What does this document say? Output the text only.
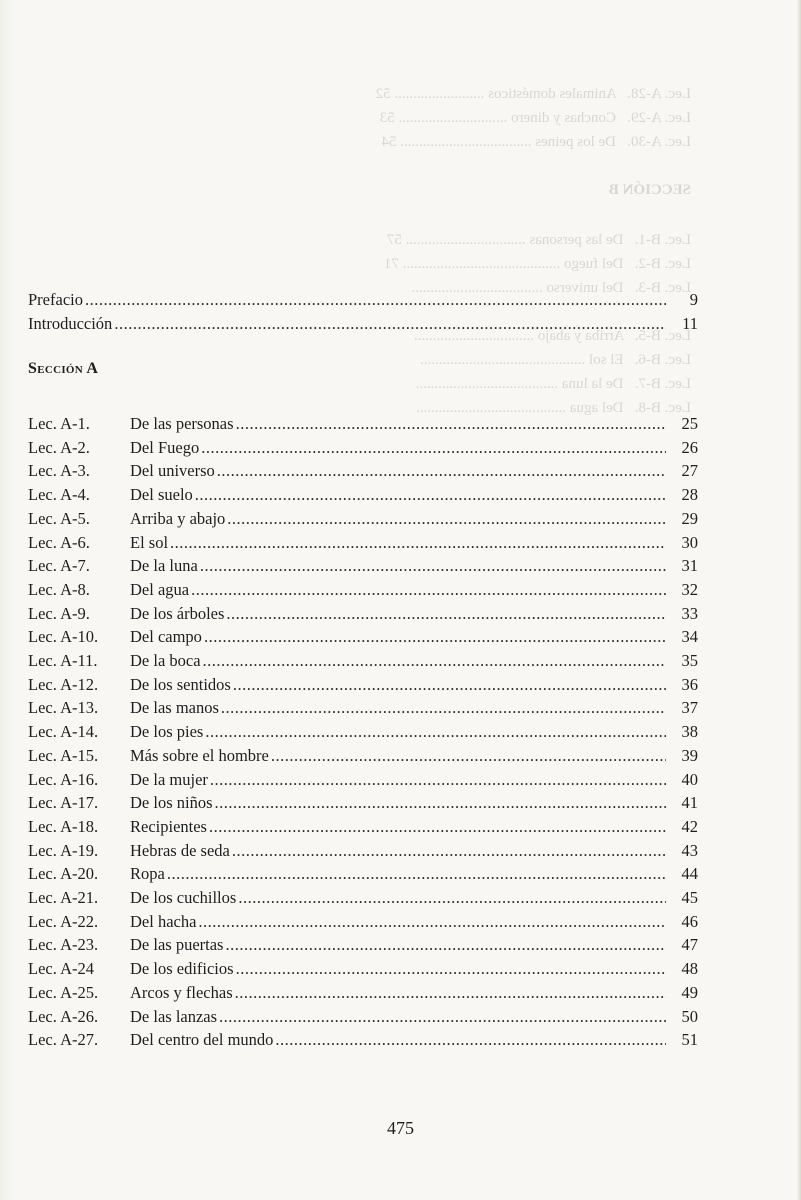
Lec. A-28.   Animales domésticos ........................ 52
Lec. A-29.   Conchas y dinero ............................. 53
Lec. A-30.   De los peines ................................... 54
SECCIÓN B
Lec. B-1.   De las personas ................................ 57
Lec. B-2.   Del fuego .......................................... 71
Lec. B-3.   Del universo ...................................
Lec. B-5.   Arriba y abajo ................................
Lec. B-6.   El sol ............................................
Lec. B-7.   De la luna ......................................
Lec. B-8.   Del agua ........................................
Prefacio .....	9
Introducción .....	11
Sección A
Lec. A-1.	De las personas .....	25
Lec. A-2.	Del Fuego .....	26
Lec. A-3.	Del universo .....	27
Lec. A-4.	Del suelo .....	28
Lec. A-5.	Arriba y abajo .....	29
Lec. A-6.	El sol .....	30
Lec. A-7.	De la luna .....	31
Lec. A-8.	Del agua .....	32
Lec. A-9.	De los árboles .....	33
Lec. A-10.	Del campo .....	34
Lec. A-11.	De la boca .....	35
Lec. A-12.	De los sentidos .....	36
Lec. A-13.	De las manos .....	37
Lec. A-14.	De los pies .....	38
Lec. A-15.	Más sobre el hombre .....	39
Lec. A-16.	De la mujer .....	40
Lec. A-17.	De los niños .....	41
Lec. A-18.	Recipientes .....	42
Lec. A-19.	Hebras de seda .....	43
Lec. A-20.	Ropa .....	44
Lec. A-21.	De los cuchillos .....	45
Lec. A-22.	Del hacha .....	46
Lec. A-23.	De las puertas .....	47
Lec. A-24	De los edificios .....	48
Lec. A-25.	Arcos y flechas .....	49
Lec. A-26.	De las lanzas .....	50
Lec. A-27.	Del centro del mundo .....	51
475
